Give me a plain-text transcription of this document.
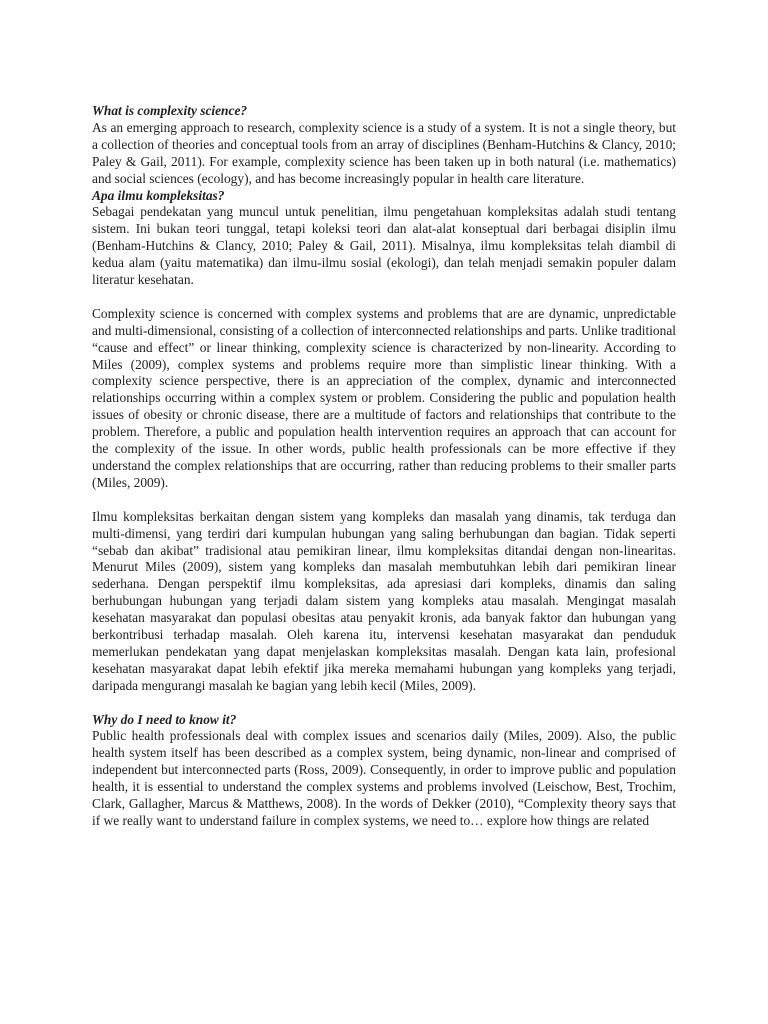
What is complexity science?

As an emerging approach to research, complexity science is a study of a system. It is not a single theory, but a collection of theories and conceptual tools from an array of disciplines (Benham-Hutchins & Clancy, 2010; Paley & Gail, 2011). For example, complexity science has been taken up in both natural (i.e. mathematics) and social sciences (ecology), and has become increasingly popular in health care literature.

Apa ilmu kompleksitas?

Sebagai pendekatan yang muncul untuk penelitian, ilmu pengetahuan kompleksitas adalah studi tentang sistem. Ini bukan teori tunggal, tetapi koleksi teori dan alat-alat konseptual dari berbagai disiplin ilmu (Benham-Hutchins & Clancy, 2010; Paley & Gail, 2011). Misalnya, ilmu kompleksitas telah diambil di kedua alam (yaitu matematika) dan ilmu-ilmu sosial (ekologi), dan telah menjadi semakin populer dalam literatur kesehatan.

Complexity science is concerned with complex systems and problems that are are dynamic, unpredictable and multi-dimensional, consisting of a collection of interconnected relationships and parts. Unlike traditional “cause and effect” or linear thinking, complexity science is characterized by non-linearity. According to Miles (2009), complex systems and problems require more than simplistic linear thinking. With a complexity science perspective, there is an appreciation of the complex, dynamic and interconnected relationships occurring within a complex system or problem. Considering the public and population health issues of obesity or chronic disease, there are a multitude of factors and relationships that contribute to the problem. Therefore, a public and population health intervention requires an approach that can account for the complexity of the issue. In other words, public health professionals can be more effective if they understand the complex relationships that are occurring, rather than reducing problems to their smaller parts (Miles, 2009).

Ilmu kompleksitas berkaitan dengan sistem yang kompleks dan masalah yang dinamis, tak terduga dan multi-dimensi, yang terdiri dari kumpulan hubungan yang saling berhubungan dan bagian. Tidak seperti “sebab dan akibat” tradisional atau pemikiran linear, ilmu kompleksitas ditandai dengan non-linearitas. Menurut Miles (2009), sistem yang kompleks dan masalah membutuhkan lebih dari pemikiran linear sederhana. Dengan perspektif ilmu kompleksitas, ada apresiasi dari kompleks, dinamis dan saling berhubungan hubungan yang terjadi dalam sistem yang kompleks atau masalah. Mengingat masalah kesehatan masyarakat dan populasi obesitas atau penyakit kronis, ada banyak faktor dan hubungan yang berkontribusi terhadap masalah. Oleh karena itu, intervensi kesehatan masyarakat dan penduduk memerlukan pendekatan yang dapat menjelaskan kompleksitas masalah. Dengan kata lain, profesional kesehatan masyarakat dapat lebih efektif jika mereka memahami hubungan yang kompleks yang terjadi, daripada mengurangi masalah ke bagian yang lebih kecil (Miles, 2009).

Why do I need to know it?

Public health professionals deal with complex issues and scenarios daily (Miles, 2009). Also, the public health system itself has been described as a complex system, being dynamic, non-linear and comprised of independent but interconnected parts (Ross, 2009). Consequently, in order to improve public and population health, it is essential to understand the complex systems and problems involved (Leischow, Best, Trochim, Clark, Gallagher, Marcus & Matthews, 2008). In the words of Dekker (2010), “Complexity theory says that if we really want to understand failure in complex systems, we need to… explore how things are related
